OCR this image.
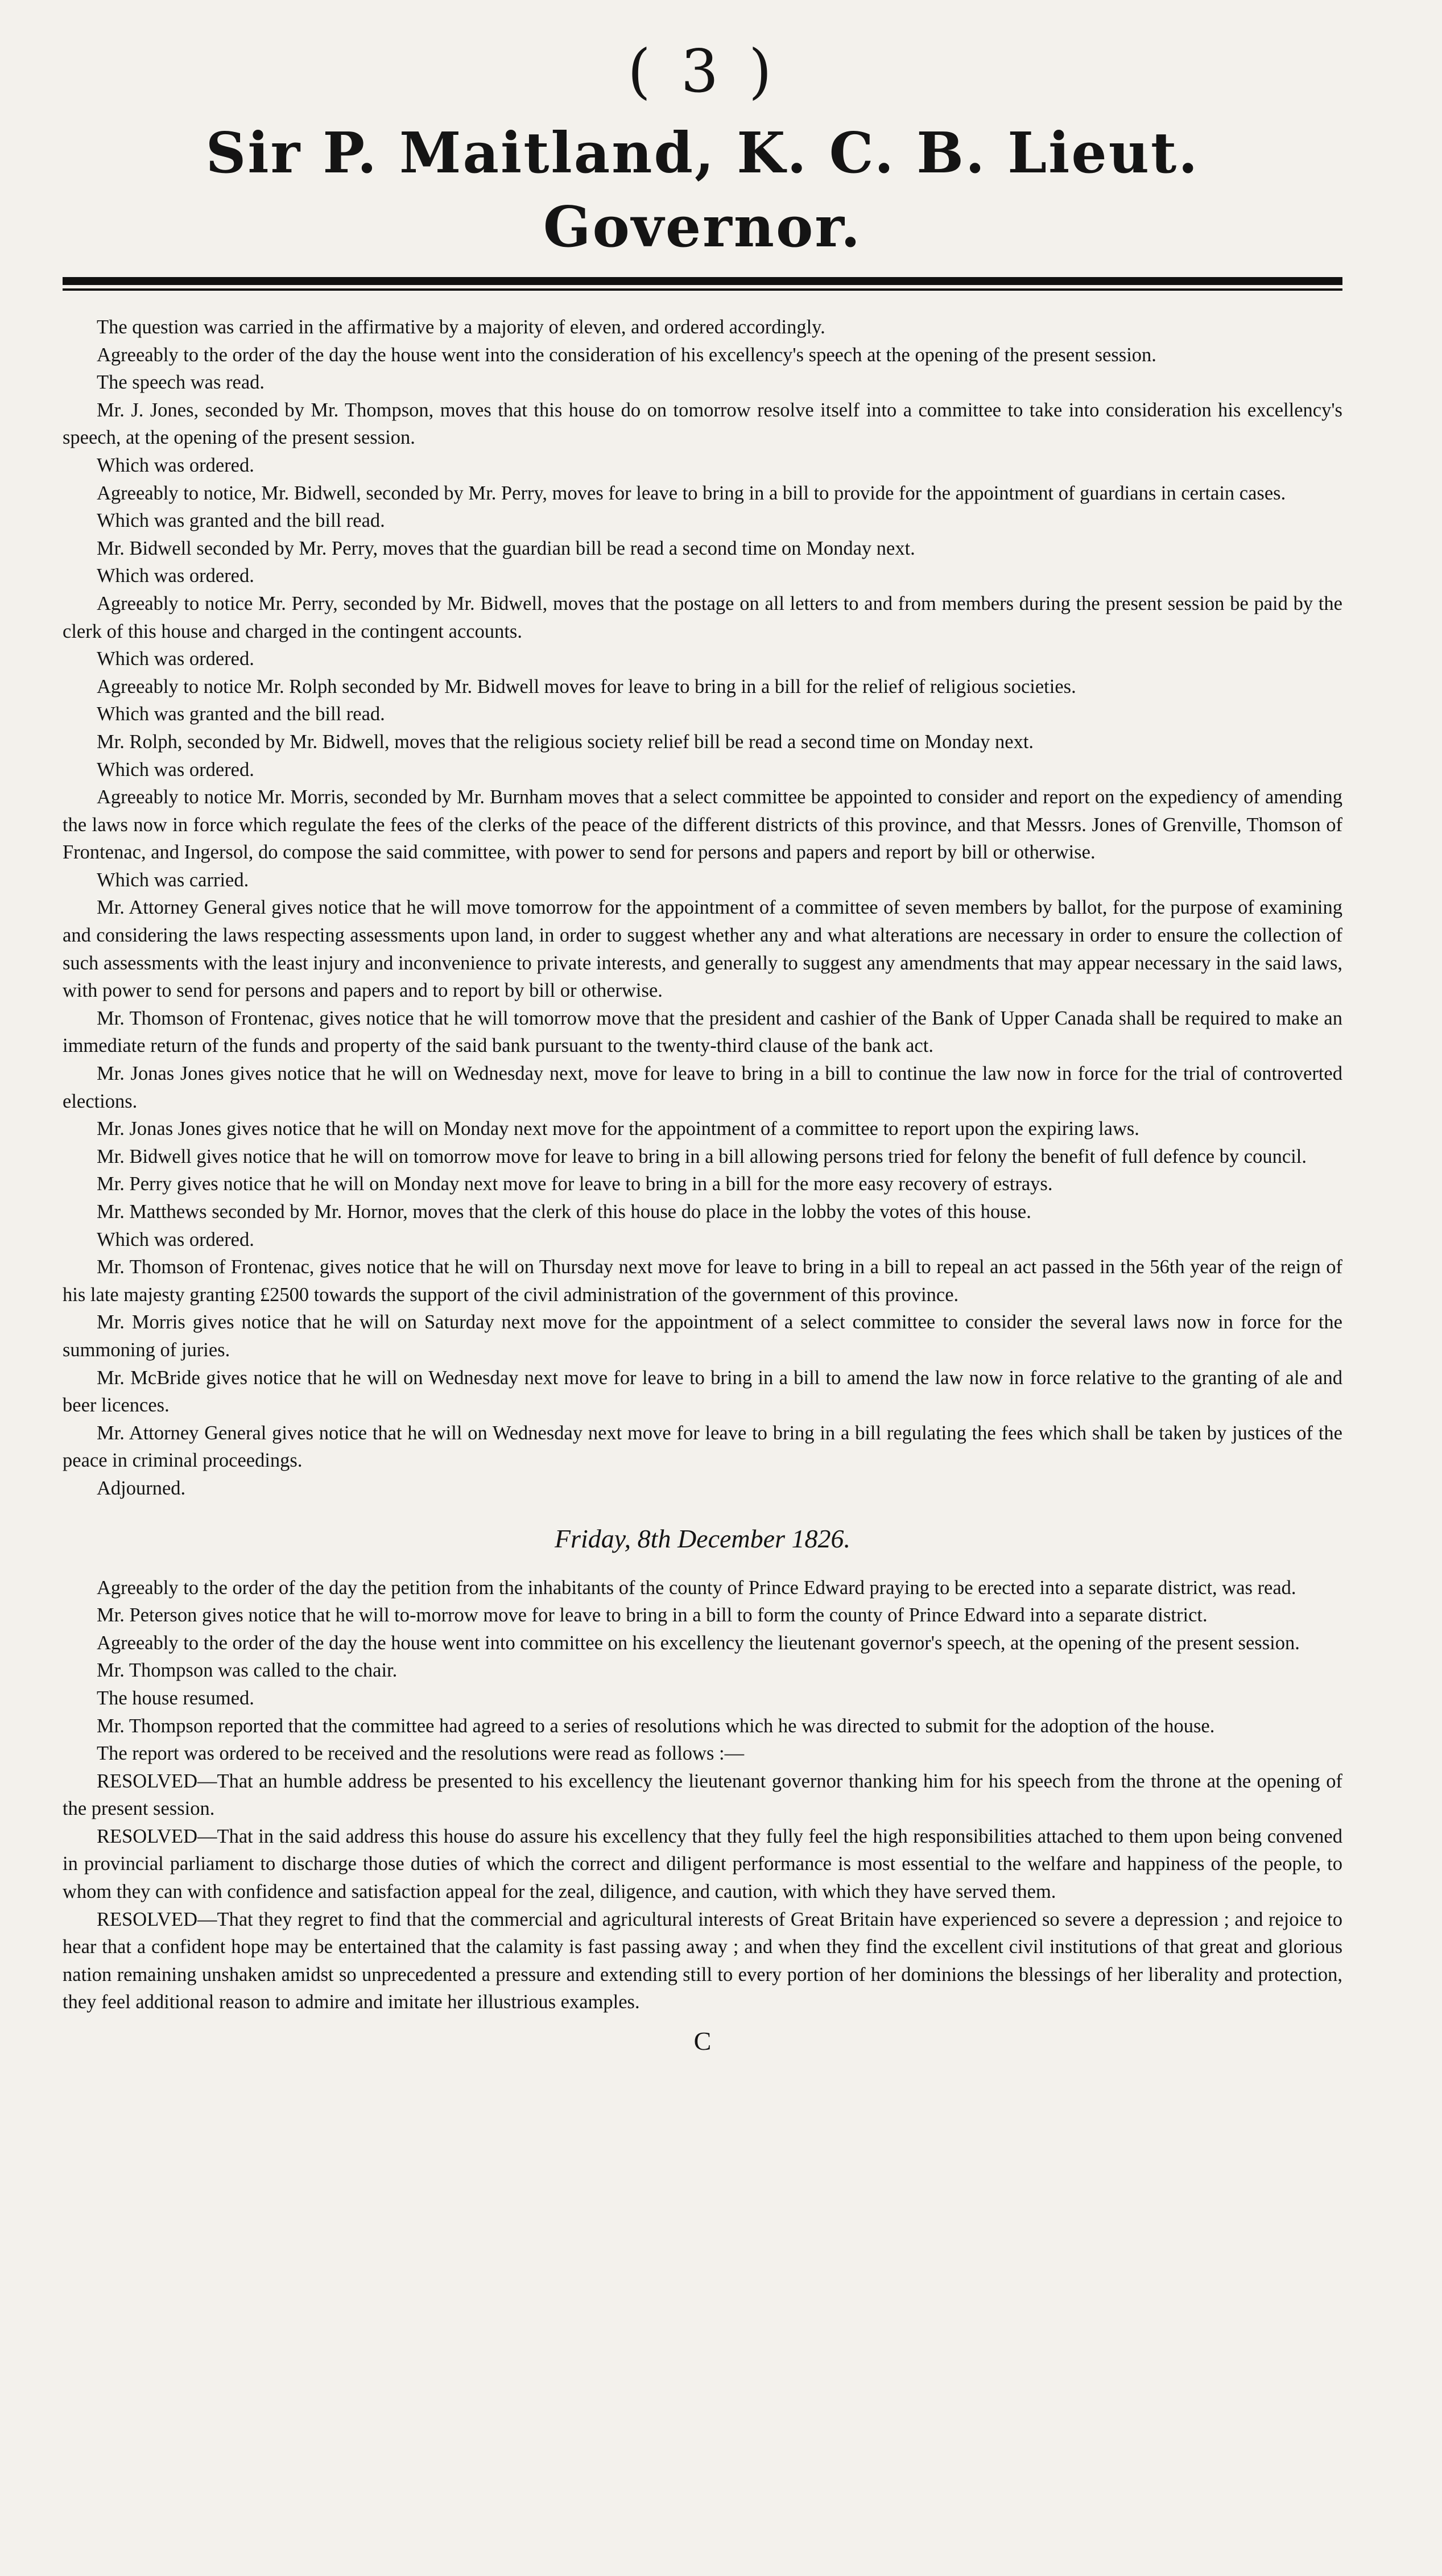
( 3 )
Sir P. Maitland, K. C. B. Lieut. Governor.

The question was carried in the affirmative by a majority of eleven, and ordered accordingly.

Agreeably to the order of the day the house went into the consideration of his excellency's speech at the opening of the present session.

The speech was read.

Mr. J. Jones, seconded by Mr. Thompson, moves that this house do on tomorrow resolve itself into a committee to take into consideration his excellency's speech, at the opening of the present session.

Which was ordered.

Agreeably to notice, Mr. Bidwell, seconded by Mr. Perry, moves for leave to bring in a bill to provide for the appointment of guardians in certain cases.

Which was granted and the bill read.

Mr. Bidwell seconded by Mr. Perry, moves that the guardian bill be read a second time on Monday next.

Which was ordered.

Agreeably to notice Mr. Perry, seconded by Mr. Bidwell, moves that the postage on all letters to and from members during the present session be paid by the clerk of this house and charged in the contingent accounts.

Which was ordered.

Agreeably to notice Mr. Rolph seconded by Mr. Bidwell moves for leave to bring in a bill for the relief of religious societies.

Which was granted and the bill read.

Mr. Rolph, seconded by Mr. Bidwell, moves that the religious society relief bill be read a second time on Monday next.

Which was ordered.

Agreeably to notice Mr. Morris, seconded by Mr. Burnham moves that a select committee be appointed to consider and report on the expediency of amending the laws now in force which regulate the fees of the clerks of the peace of the different districts of this province, and that Messrs. Jones of Grenville, Thomson of Frontenac, and Ingersol, do compose the said committee, with power to send for persons and papers and report by bill or otherwise.

Which was carried.

Mr. Attorney General gives notice that he will move tomorrow for the appointment of a committee of seven members by ballot, for the purpose of examining and considering the laws respecting assessments upon land, in order to suggest whether any and what alterations are necessary in order to ensure the collection of such assessments with the least injury and inconvenience to private interests, and generally to suggest any amendments that may appear necessary in the said laws, with power to send for persons and papers and to report by bill or otherwise.

Mr. Thomson of Frontenac, gives notice that he will tomorrow move that the president and cashier of the Bank of Upper Canada shall be required to make an immediate return of the funds and property of the said bank pursuant to the twenty-third clause of the bank act.

Mr. Jonas Jones gives notice that he will on Wednesday next, move for leave to bring in a bill to continue the law now in force for the trial of controverted elections.

Mr. Jonas Jones gives notice that he will on Monday next move for the appointment of a committee to report upon the expiring laws.

Mr. Bidwell gives notice that he will on tomorrow move for leave to bring in a bill allowing persons tried for felony the benefit of full defence by council.

Mr. Perry gives notice that he will on Monday next move for leave to bring in a bill for the more easy recovery of estrays.

Mr. Matthews seconded by Mr. Hornor, moves that the clerk of this house do place in the lobby the votes of this house.

Which was ordered.

Mr. Thomson of Frontenac, gives notice that he will on Thursday next move for leave to bring in a bill to repeal an act passed in the 56th year of the reign of his late majesty granting £2500 towards the support of the civil administration of the government of this province.

Mr. Morris gives notice that he will on Saturday next move for the appointment of a select committee to consider the several laws now in force for the summoning of juries.

Mr. McBride gives notice that he will on Wednesday next move for leave to bring in a bill to amend the law now in force relative to the granting of ale and beer licences.

Mr. Attorney General gives notice that he will on Wednesday next move for leave to bring in a bill regulating the fees which shall be taken by justices of the peace in criminal proceedings.

Adjourned.

Friday, 8th December 1826.

Agreeably to the order of the day the petition from the inhabitants of the county of Prince Edward praying to be erected into a separate district, was read.

Mr. Peterson gives notice that he will to-morrow move for leave to bring in a bill to form the county of Prince Edward into a separate district.

Agreeably to the order of the day the house went into committee on his excellency the lieutenant governor's speech, at the opening of the present session.

Mr. Thompson was called to the chair.

The house resumed.

Mr. Thompson reported that the committee had agreed to a series of resolutions which he was directed to submit for the adoption of the house.

The report was ordered to be received and the resolutions were read as follows :—

RESOLVED—That an humble address be presented to his excellency the lieutenant governor thanking him for his speech from the throne at the opening of the present session.

RESOLVED—That in the said address this house do assure his excellency that they fully feel the high responsibilities attached to them upon being convened in provincial parliament to discharge those duties of which the correct and diligent performance is most essential to the welfare and happiness of the people, to whom they can with confidence and satisfaction appeal for the zeal, diligence, and caution, with which they have served them.

RESOLVED—That they regret to find that the commercial and agricultural interests of Great Britain have experienced so severe a depression ; and rejoice to hear that a confident hope may be entertained that the calamity is fast passing away ; and when they find the excellent civil institutions of that great and glorious nation remaining unshaken amidst so unprecedented a pressure and extending still to every portion of her dominions the blessings of her liberality and protection, they feel additional reason to admire and imitate her illustrious examples.

C
